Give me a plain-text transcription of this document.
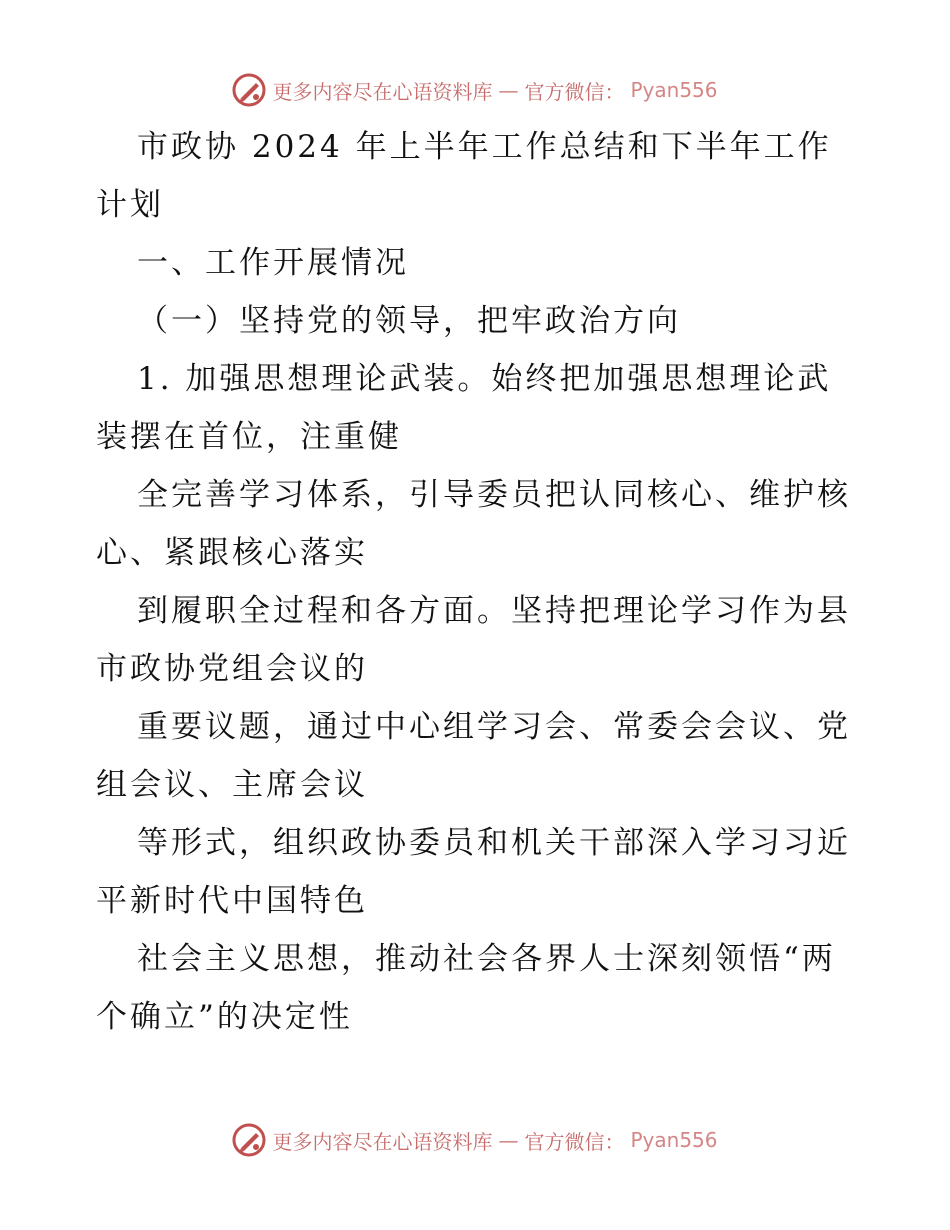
更多内容尽在心语资料库 — 官方微信： Pyan556

市政协 2024 年上半年工作总结和下半年工作计划

一、工作开展情况

（一）坚持党的领导，把牢政治方向

1. 加强思想理论武装。始终把加强思想理论武装摆在首位，注重健

全完善学习体系，引导委员把认同核心、维护核心、紧跟核心落实

到履职全过程和各方面。坚持把理论学习作为县市政协党组会议的

重要议题，通过中心组学习会、常委会会议、党组会议、主席会议

等形式，组织政协委员和机关干部深入学习习近平新时代中国特色

社会主义思想，推动社会各界人士深刻领悟“两个确立”的决定性

更多内容尽在心语资料库 — 官方微信： Pyan556
